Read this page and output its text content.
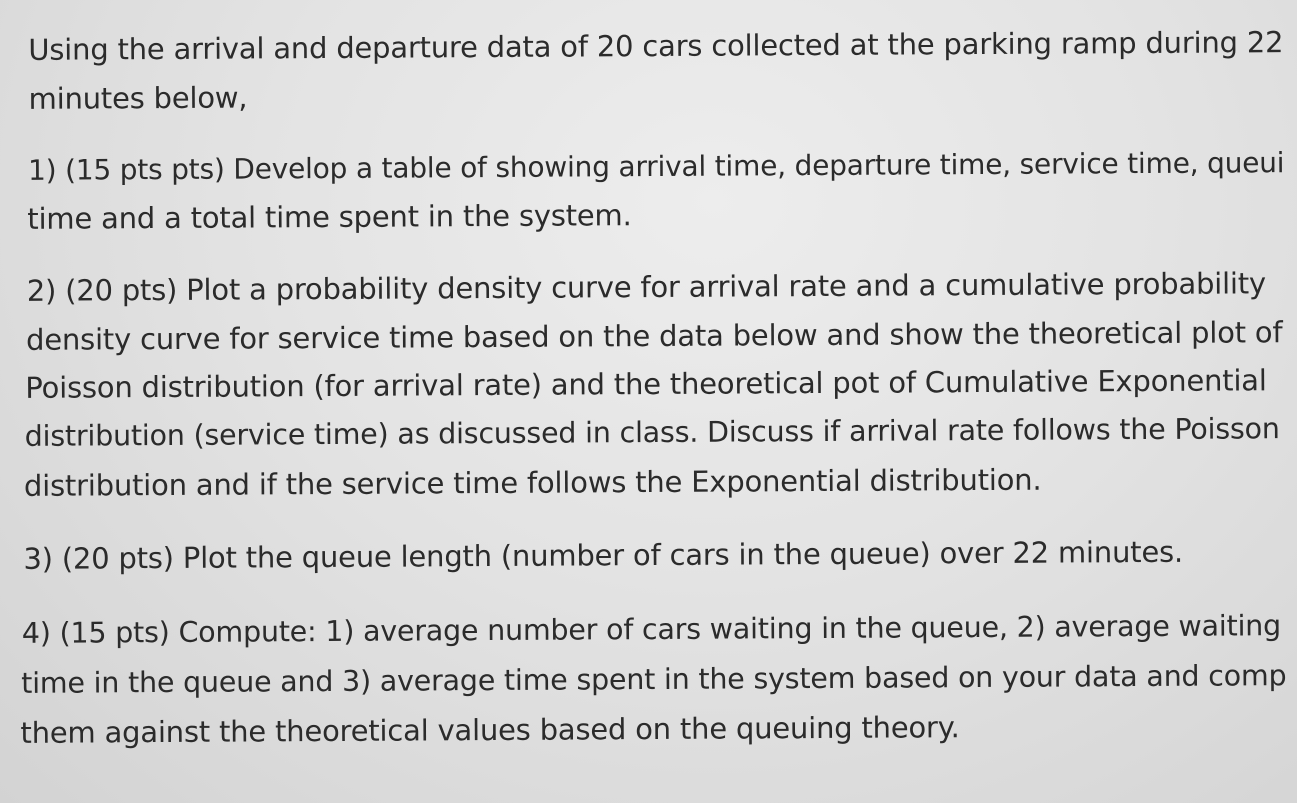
Using the arrival and departure data of 20 cars collected at the parking ramp during 22
minutes below,
1) (15 pts pts) Develop a table of showing arrival time, departure time, service time, queui
time and a total time spent in the system.
2) (20 pts) Plot a probability density curve for arrival rate and a cumulative probability
density curve for service time based on the data below and show the theoretical plot of
Poisson distribution (for arrival rate) and the theoretical pot of Cumulative Exponential
distribution (service time) as discussed in class. Discuss if arrival rate follows the Poisson
distribution and if the service time follows the Exponential distribution.
3) (20 pts) Plot the queue length (number of cars in the queue) over 22 minutes.
4) (15 pts) Compute: 1) average number of cars waiting in the queue, 2) average waiting
time in the queue and 3) average time spent in the system based on your data and comp
them against the theoretical values based on the queuing theory.
